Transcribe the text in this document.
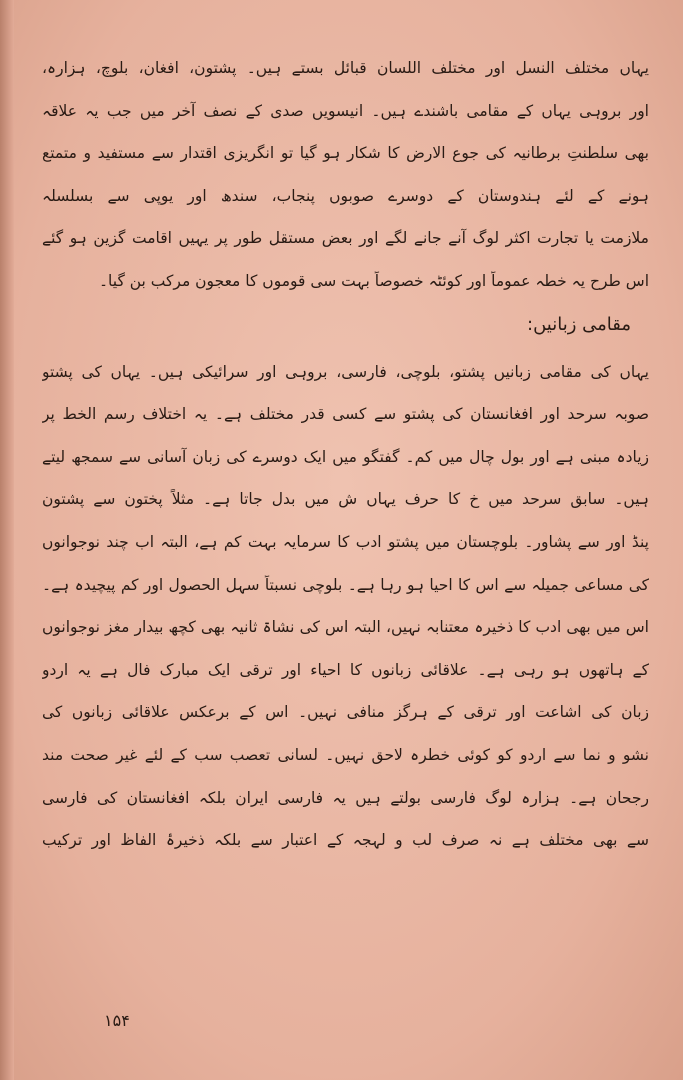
یہاں مختلف النسل اور مختلف اللسان قبائل بستے ہیں۔ پشتون، افغان، بلوچ، ہزارہ،
اور بروہی یہاں کے مقامی باشندے ہیں۔ انیسویں صدی کے نصف آخر میں جب یہ علاقہ
بھی سلطنتِ برطانیہ کی جوع الارض کا شکار ہو گیا تو انگریزی اقتدار سے مستفید و متمتع
ہونے کے لئے ہندوستان کے دوسرے صوبوں پنجاب، سندھ اور یوپی سے بسلسلہ
ملازمت یا تجارت اکثر لوگ آنے جانے لگے اور بعض مستقل طور پر یہیں اقامت گزین ہو گئے
اس طرح یہ خطہ عموماً اور کوئٹہ خصوصاً بہت سی قوموں کا معجون مرکب بن گیا۔
مقامی زبانیں:
یہاں کی مقامی زبانیں پشتو، بلوچی، فارسی، بروہی اور سرائیکی ہیں۔ یہاں کی پشتو
صوبہ سرحد اور افغانستان کی پشتو سے کسی قدر مختلف ہے۔ یہ اختلاف رسم الخط پر
زیادہ مبنی ہے اور بول چال میں کم۔ گفتگو میں ایک دوسرے کی زبان آسانی سے سمجھ لیتے
ہیں۔ سابق سرحد میں خ کا حرف یہاں ش میں بدل جاتا ہے۔ مثلاً پختون سے پشتون
پنڈ اور سے پشاور۔ بلوچستان میں پشتو ادب کا سرمایہ بہت کم ہے، البتہ اب چند نوجوانوں
کی مساعی جمیلہ سے اس کا احیا ہو رہا ہے۔ بلوچی نسبتاً سہل الحصول اور کم پیچیدہ ہے۔
اس میں بھی ادب کا ذخیرہ معتنابہ نہیں، البتہ اس کی نشاۃ ثانیہ بھی کچھ بیدار مغز نوجوانوں
کے ہاتھوں ہو رہی ہے۔ علاقائی زبانوں کا احیاء اور ترقی ایک مبارک فال ہے یہ اردو
زبان کی اشاعت اور ترقی کے ہرگز منافی نہیں۔ اس کے برعکس علاقائی زبانوں کی
نشو و نما سے اردو کو کوئی خطرہ لاحق نہیں۔ لسانی تعصب سب کے لئے غیر صحت مند
رجحان ہے۔ ہزارہ لوگ فارسی بولتے ہیں یہ فارسی ایران بلکہ افغانستان کی فارسی
سے بھی مختلف ہے نہ صرف لب و لہجہ کے اعتبار سے بلکہ ذخیرۂ الفاظ اور ترکیب
۱۵۴
